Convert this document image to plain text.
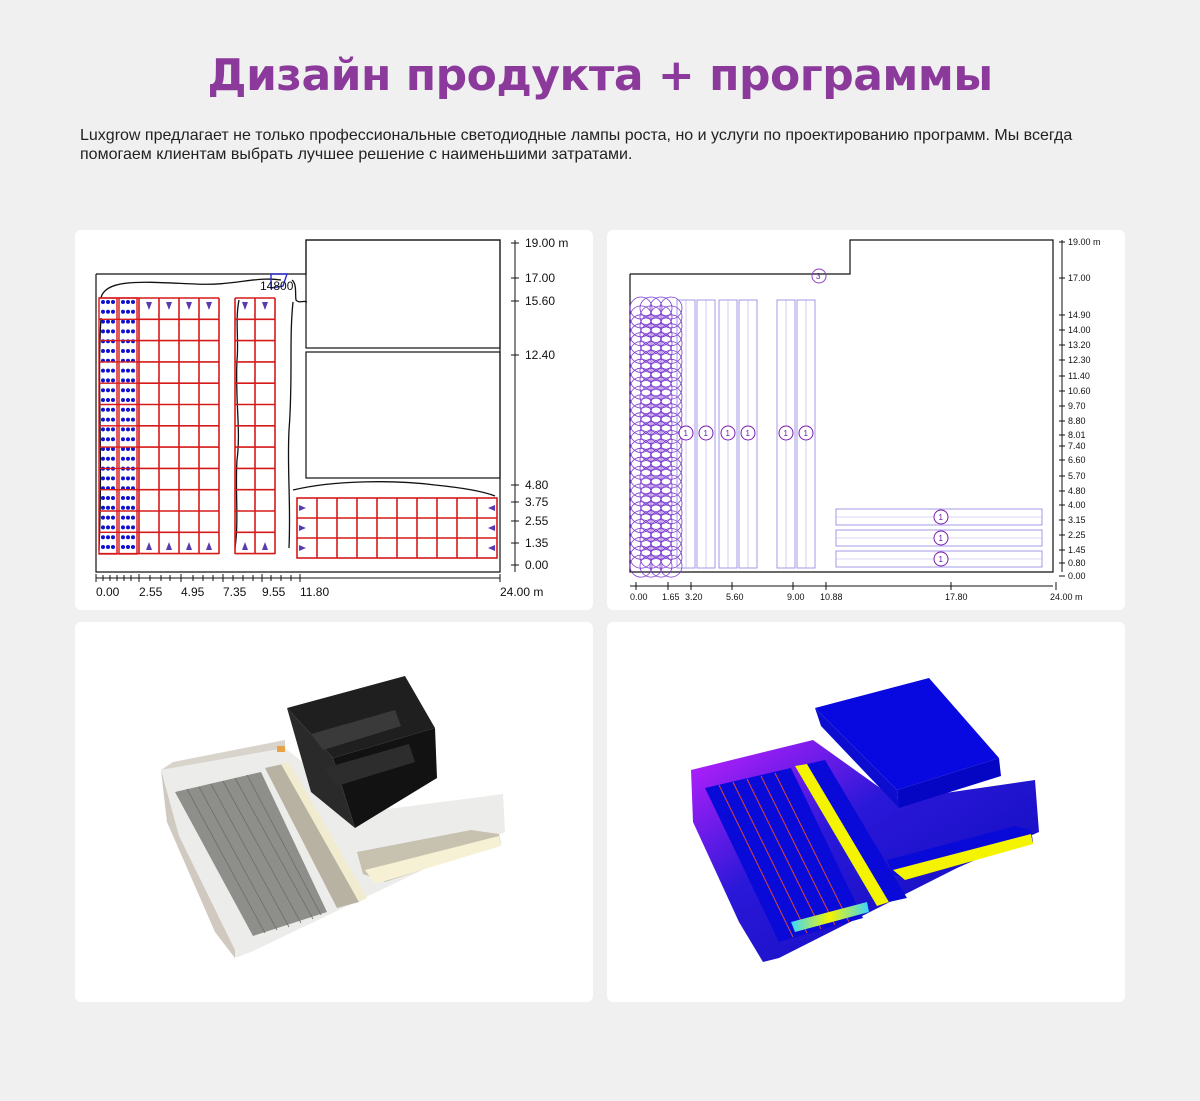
Дизайн продукта + программы
Luxgrow предлагает не только профессиональные светодиодные лампы роста, но и услуги по проектированию программ. Мы всегда помогаем клиентам выбрать лучшее решение с наименьшими затратами.
14800
19.00 m
17.00
15.60
12.40
4.80
3.75
2.55
1.35
0.00
0.00 2.55 4.95 7.35 9.55 11.80	24.00 m
1 1 1 1	1 1
1
1
1
3
19.00 m
17.00
14.90
14.00
13.20
12.30
11.40
10.60
9.70
8.80
8.01
7.40
6.60
5.70
4.80
4.00
3.15
2.25
1.45
0.80
0.00
0.00 1.65 3.20	5.60	9.00 10.88	17.80	24.00 m
